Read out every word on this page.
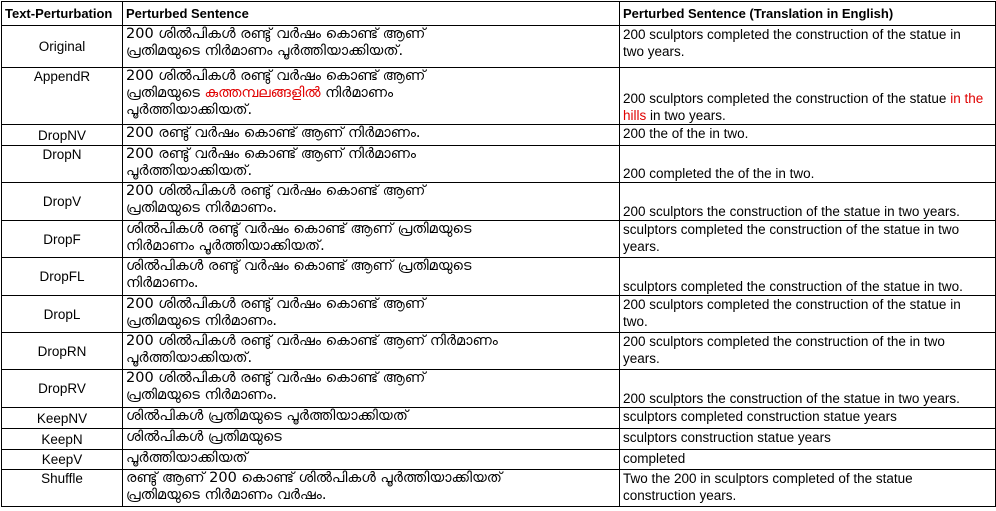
Text-Perturbation	Perturbed Sentence	Perturbed Sentence (Translation in English)
Original	200 ശിൽപികൾ രണ്ടു് വർഷം കൊണ്ട് ആണ്
പ്രതിമയുടെ നിർമാണം പൂർത്തിയാക്കിയത്.	200 sculptors completed the construction of the statue in
two years.

AppendR	200 ശിൽപികൾ രണ്ടു് വർഷം കൊണ്ട് ആണ്
പ്രതിമയുടെ കുത്തമ്പലങ്ങളിൽ നിർമാണം
പൂർത്തിയാക്കിയത്.	200 sculptors completed the construction of the statue in the hills in two years.
DropNV	200 രണ്ടു് വർഷം കൊണ്ട് ആണ് നിർമാണം.	200 the of the in two.

DropN	200 രണ്ടു് വർഷം കൊണ്ട് ആണ് നിർമാണം
പൂർത്തിയാക്കിയത്.	200 completed the of the in two.

DropV	200 ശിൽപികൾ രണ്ടു് വർഷം കൊണ്ട് ആണ്
പ്രതിമയുടെ നിർമാണം.	200 sculptors the construction of the statue in two years.

DropF	ശിൽപികൾ രണ്ടു് വർഷം കൊണ്ട് ആണ് പ്രതിമയുടെ
നിർമാണം പൂർത്തിയാക്കിയത്.	sculptors completed the construction of the statue in two
years.

DropFL	ശിൽപികൾ രണ്ടു് വർഷം കൊണ്ട് ആണ് പ്രതിമയുടെ
നിർമാണം.	sculptors completed the construction of the statue in two.

DropL	200 ശിൽപികൾ രണ്ടു് വർഷം കൊണ്ട് ആണ്
പ്രതിമയുടെ നിർമാണം.	200 sculptors completed the construction of the statue in
two.

DropRN	200 ശിൽപികൾ രണ്ടു് വർഷം കൊണ്ട് ആണ് നിർമാണം
പൂർത്തിയാക്കിയത്.	200 sculptors completed the construction of the in two
years.

DropRV	200 ശിൽപികൾ രണ്ടു് വർഷം കൊണ്ട് ആണ്
പ്രതിമയുടെ നിർമാണം.	200 sculptors the construction of the statue in two years.

KeepNV	ശിൽപികൾ പ്രതിമയുടെ പൂർത്തിയാക്കിയത്	sculptors completed construction statue years

KeepN	ശിൽപികൾ പ്രതിമയുടെ	sculptors construction statue years

KeepV	പൂർത്തിയാക്കിയത്	completed

Shuffle	രണ്ടു് ആണ് 200 കൊണ്ട് ശിൽപികൾ പൂർത്തിയാക്കിയത്
പ്രതിമയുടെ നിർമാണം വർഷം.	Two the 200 in sculptors completed of the statue
construction years.
